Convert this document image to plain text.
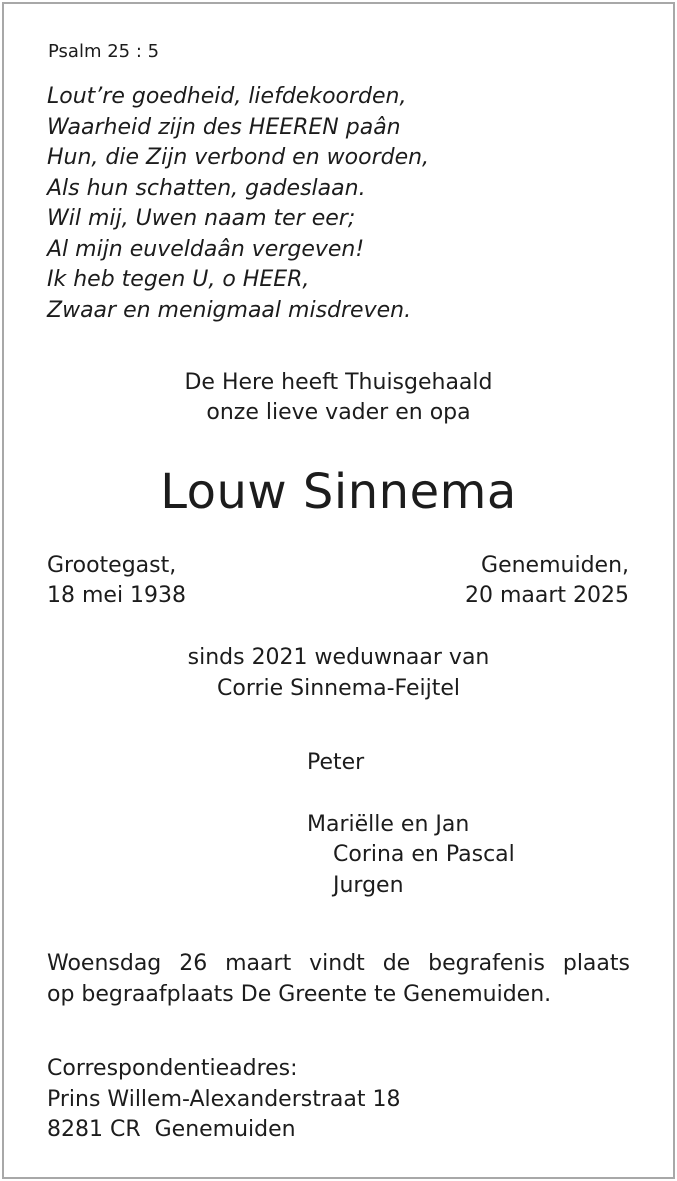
Psalm 25 : 5
Lout’re goedheid, liefdekoorden,
Waarheid zijn des HEEREN paân
Hun, die Zijn verbond en woorden,
Als hun schatten, gadeslaan.
Wil mij, Uwen naam ter eer;
Al mijn euveldaân vergeven!
Ik heb tegen U, o HEER,
Zwaar en menigmaal misdreven.
De Here heeft Thuisgehaald
onze lieve vader en opa
Louw Sinnema
Grootegast,
18 mei 1938
Genemuiden,
20 maart 2025
sinds 2021 weduwnaar van
Corrie Sinnema-Feijtel
Peter
Mariëlle en Jan
Corina en Pascal
Jurgen
Woensdag 26 maart vindt de begrafenis plaats
op begraafplaats De Greente te Genemuiden.
Correspondentieadres:
Prins Willem-Alexanderstraat 18
8281 CR  Genemuiden
